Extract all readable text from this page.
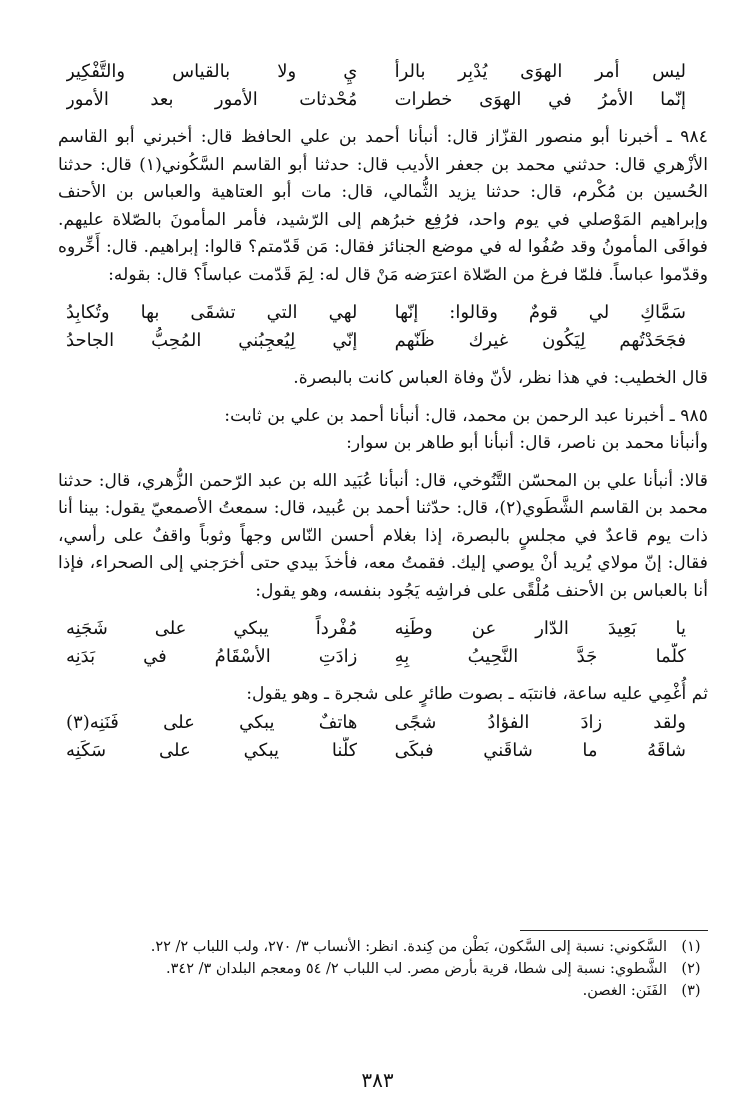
ليس أمر الهوَى يُدْبِر بالرأ
يِ ولا بالقياس والتَّفْكِير
إنّما الأمرُ في الهوَى خطرات
مُحْدثات الأمور بعد الأمور

٩٨٤ ـ أخبرنا أبو منصور القزّاز قال: أنبأنا أحمد بن علي الحافظ قال: أخبرني أبو القاسم الأزْهري قال: حدثني محمد بن جعفر الأديب قال: حدثنا أبو القاسم السَّكُوني(١) قال: حدثنا الحُسين بن مُكْرم، قال: حدثنا يزيد الثُّمالي، قال: مات أبو العتاهية والعباس بن الأحنف وإبراهيم المَوْصلي في يوم واحد، فرُفِع خبرُهم إلى الرّشيد، فأمر المأمونَ بالصّلاة عليهم. فوافَى المأمونُ وقد صُفُوا له في موضع الجنائز فقال: مَن قَدّمتم؟ قالوا: إبراهيم. قال: أَخِّروه وقدّموا عباساً. فلمّا فرغ من الصّلاة اعترَضه مَنْ قال له: لِمَ قَدّمت عباساً؟ قال: بقوله:

سَمَّاكِ لي قومٌ وقالوا: إنّها
لهي التي تشقَى بها وتُكابِدُ
فجَحَدْتُهم لِيَكُون غيرك ظَنّهم
إنّي لِيُعجِبُني المُحِبُّ الجاحدُ

قال الخطيب: في هذا نظر، لأنّ وفاة العباس كانت بالبصرة.

٩٨٥ ـ أخبرنا عبد الرحمن بن محمد، قال: أنبأنا أحمد بن علي بن ثابت:

وأنبأنا محمد بن ناصر، قال: أنبأنا أبو طاهر بن سوار:

قالا: أنبأنا علي بن المحسّن التَّنُوخي، قال: أنبأنا عُبَيد الله بن عبد الرّحمن الزُّهري، قال: حدثنا محمد بن القاسم الشَّطَوي(٢)، قال: حدّثنا أحمد بن عُبيد، قال: سمعتُ الأصمعيّ يقول: بينا أنا ذات يوم قاعدٌ في مجلسٍ بالبصرة، إذا بغلام أحسن النّاس وجهاً وثوباً واقفٌ على رأسي، فقال: إنّ مولاي يُريد أنْ يوصي إليك. فقمتُ معه، فأخذَ بيدي حتى أخرَجني إلى الصحراء، فإذا أنا بالعباس بن الأحنف مُلْقًى على فراشِه يَجُود بنفسه، وهو يقول:

يا بَعِيدَ الدّار عن وطَنِه
مُفْرداً يبكي على شَجَنِه
كلّما جَدَّ النَّحِيبُ بِهِ
زادَتِ الأسْقَامُ في بَدَنِه

ثم أُغْمِي عليه ساعة، فانتبَه ـ بصوت طائرٍ على شجرة ـ وهو يقول:

ولقد زادَ الفؤادُ شجًى
هاتفٌ يبكي على فَنَنِه(٣)
شاقَهُ ما شاقَني فبكَى
كلُّنا يبكي على سَكَنِه
(١)
السَّكوني: نسبة إلى السَّكون، بَطْن من كِندة. انظر: الأنساب ٣/ ٢٧٠، ولب اللباب ٢/ ٢٢.
(٢)
الشَّطوي: نسبة إلى شطا، قرية بأرض مصر. لب اللباب ٢/ ٥٤ ومعجم البلدان ٣/ ٣٤٢.
(٣)
الفَنَن: الغصن.
٣٨٣
